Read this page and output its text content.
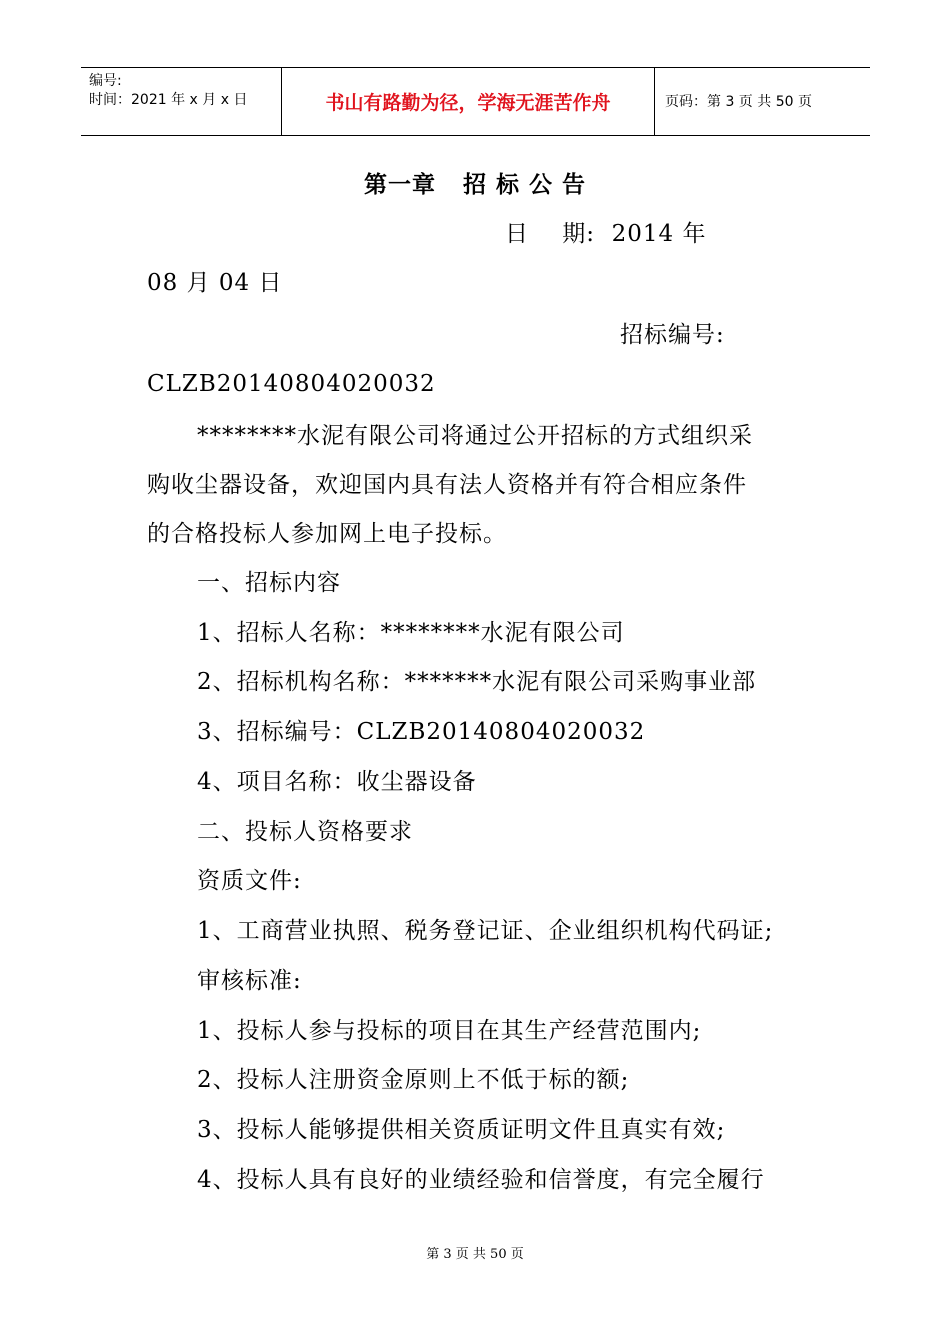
编号:
时间：2021 年 x 月 x 日	书山有路勤为径，学海无涯苦作舟	页码：第 3 页 共 50 页
第一章   招 标 公 告
日    期:  2014 年
08 月 04 日
招标编号:
CLZB20140804020032
********水泥有限公司将通过公开招标的方式组织采
购收尘器设备，欢迎国内具有法人资格并有符合相应条件
的合格投标人参加网上电子投标。
一、招标内容
1、招标人名称：********水泥有限公司
2、招标机构名称：*******水泥有限公司采购事业部
3、招标编号：CLZB20140804020032
4、项目名称：收尘器设备
二、投标人资格要求
资质文件:
1、工商营业执照、税务登记证、企业组织机构代码证;
审核标准:
1、投标人参与投标的项目在其生产经营范围内;
2、投标人注册资金原则上不低于标的额;
3、投标人能够提供相关资质证明文件且真实有效;
4、投标人具有良好的业绩经验和信誉度，有完全履行
第 3 页 共 50 页
